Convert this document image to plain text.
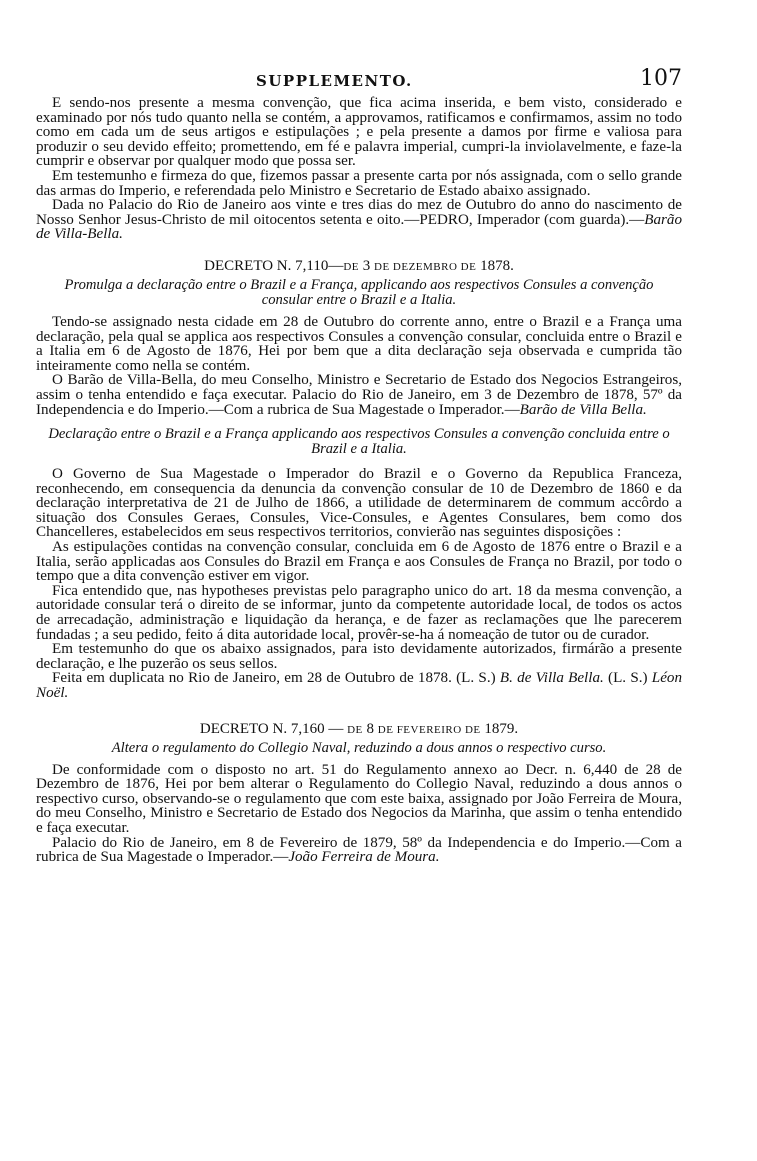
SUPPLEMENTO.	107

E sendo-nos presente a mesma convenção, que fica acima inserida, e bem visto, considerado e examinado por nós tudo quanto nella se contém, a approvamos, ratificamos e confirmamos, assim no todo como em cada um de seus artigos e estipulações ; e pela presente a damos por firme e valiosa para produzir o seu devido effeito; promettendo, em fé e palavra imperial, cumpri-la inviolavelmente, e faze-la cumprir e observar por qualquer modo que possa ser.

Em testemunho e firmeza do que, fizemos passar a presente carta por nós assignada, com o sello grande das armas do Imperio, e referendada pelo Ministro e Secretario de Estado abaixo assignado.

Dada no Palacio do Rio de Janeiro aos vinte e tres dias do mez de Outubro do anno do nascimento de Nosso Senhor Jesus-Christo de mil oitocentos setenta e oito.—PEDRO, Imperador (com guarda).—Barão de Villa-Bella.

DECRETO N. 7,110—DE 3 DE DEZEMBRO DE 1878.
Promulga a declaração entre o Brazil e a França, applicando aos respectivos Consules a convenção consular entre o Brazil e a Italia.

Tendo-se assignado nesta cidade em 28 de Outubro do corrente anno, entre o Brazil e a França uma declaração, pela qual se applica aos respectivos Consules a convenção consular, concluida entre o Brazil e a Italia em 6 de Agosto de 1876, Hei por bem que a dita declaração seja observada e cumprida tão inteiramente como nella se contém.

O Barão de Villa-Bella, do meu Conselho, Ministro e Secretario de Estado dos Negocios Estrangeiros, assim o tenha entendido e faça executar. Palacio do Rio de Janeiro, em 3 de Dezembro de 1878, 57º da Independencia e do Imperio.—Com a rubrica de Sua Magestade o Imperador.—Barão de Villa Bella.

Declaração entre o Brazil e a França applicando aos respectivos Consules a convenção concluida entre o Brazil e a Italia.

O Governo de Sua Magestade o Imperador do Brazil e o Governo da Republica Franceza, reconhecendo, em consequencia da denuncia da convenção consular de 10 de Dezembro de 1860 e da declaração interpretativa de 21 de Julho de 1866, a utilidade de determinarem de commum accôrdo a situação dos Consules Geraes, Consules, Vice-Consules, e Agentes Consulares, bem como dos Chancelleres, estabelecidos em seus respectivos territorios, convierão nas seguintes disposições :

As estipulações contidas na convenção consular, concluida em 6 de Agosto de 1876 entre o Brazil e a Italia, serão applicadas aos Consules do Brazil em França e aos Consules de França no Brazil, por todo o tempo que a dita convenção estiver em vigor.

Fica entendido que, nas hypotheses previstas pelo paragrapho unico do art. 18 da mesma convenção, a autoridade consular terá o direito de se informar, junto da competente autoridade local, de todos os actos de arrecadação, administração e liquidação da herança, e de fazer as reclamações que lhe parecerem fundadas ; a seu pedido, feito á dita autoridade local, provêr-se-ha á nomeação de tutor ou de curador.

Em testemunho do que os abaixo assignados, para isto devidamente autorizados, firmárão a presente declaração, e lhe puzerão os seus sellos.

Feita em duplicata no Rio de Janeiro, em 28 de Outubro de 1878. (L. S.) B. de Villa Bella. (L. S.) Léon Noël.

DECRETO N. 7,160 — DE 8 DE FEVEREIRO DE 1879.
Altera o regulamento do Collegio Naval, reduzindo a dous annos o respectivo curso.

De conformidade com o disposto no art. 51 do Regulamento annexo ao Decr. n. 6,440 de 28 de Dezembro de 1876, Hei por bem alterar o Regulamento do Collegio Naval, reduzindo a dous annos o respectivo curso, observando-se o regulamento que com este baixa, assignado por João Ferreira de Moura, do meu Conselho, Ministro e Secretario de Estado dos Negocios da Marinha, que assim o tenha entendido e faça executar.

Palacio do Rio de Janeiro, em 8 de Fevereiro de 1879, 58º da Independencia e do Imperio.—Com a rubrica de Sua Magestade o Imperador.—João Ferreira de Moura.
